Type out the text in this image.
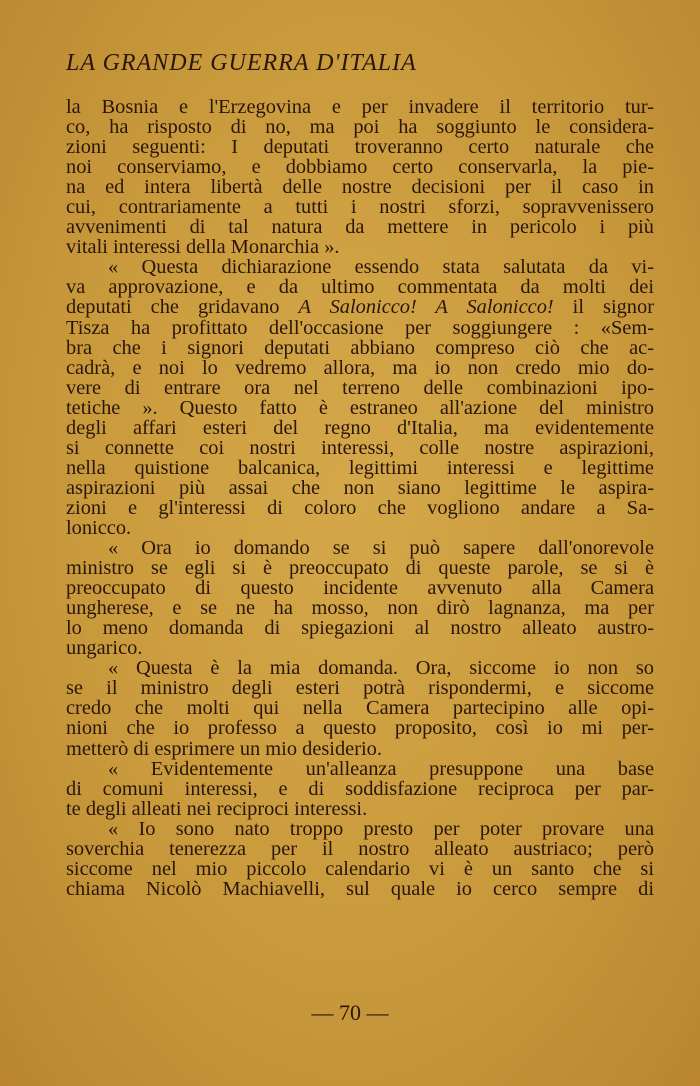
LA GRANDE GUERRA D'ITALIA
la Bosnia e l'Erzegovina e per invadere il territorio tur-
co, ha risposto di no, ma poi ha soggiunto le considera-
zioni seguenti: I deputati troveranno certo naturale che
noi conserviamo, e dobbiamo certo conservarla, la pie-
na ed intera libertà delle nostre decisioni per il caso in
cui, contrariamente a tutti i nostri sforzi, sopravvenissero
avvenimenti di tal natura da mettere in pericolo i più
vitali interessi della Monarchia ».
« Questa dichiarazione essendo stata salutata da vi-
va approvazione, e da ultimo commentata da molti dei
deputati che gridavano A Salonicco! A Salonicco! il signor
Tisza ha profittato dell'occasione per soggiungere : «Sem-
bra che i signori deputati abbiano compreso ciò che ac-
cadrà, e noi lo vedremo allora, ma io non credo mio do-
vere di entrare ora nel terreno delle combinazioni ipo-
tetiche ». Questo fatto è estraneo all'azione del ministro
degli affari esteri del regno d'Italia, ma evidentemente
si connette coi nostri interessi, colle nostre aspirazioni,
nella quistione balcanica, legittimi interessi e legittime
aspirazioni più assai che non siano legittime le aspira-
zioni e gl'interessi di coloro che vogliono andare a Sa-
lonicco.
« Ora io domando se si può sapere dall'onorevole
ministro se egli si è preoccupato di queste parole, se si è
preoccupato di questo incidente avvenuto alla Camera
ungherese, e se ne ha mosso, non dirò lagnanza, ma per
lo meno domanda di spiegazioni al nostro alleato austro-
ungarico.
« Questa è la mia domanda. Ora, siccome io non so
se il ministro degli esteri potrà rispondermi, e siccome
credo che molti qui nella Camera partecipino alle opi-
nioni che io professo a questo proposito, così io mi per-
metterò di esprimere un mio desiderio.
« Evidentemente un'alleanza presuppone una base
di comuni interessi, e di soddisfazione reciproca per par-
te degli alleati nei reciproci interessi.
« Io sono nato troppo presto per poter provare una
soverchia tenerezza per il nostro alleato austriaco; però
siccome nel mio piccolo calendario vi è un santo che si
chiama Nicolò Machiavelli, sul quale io cerco sempre di
— 70 —
